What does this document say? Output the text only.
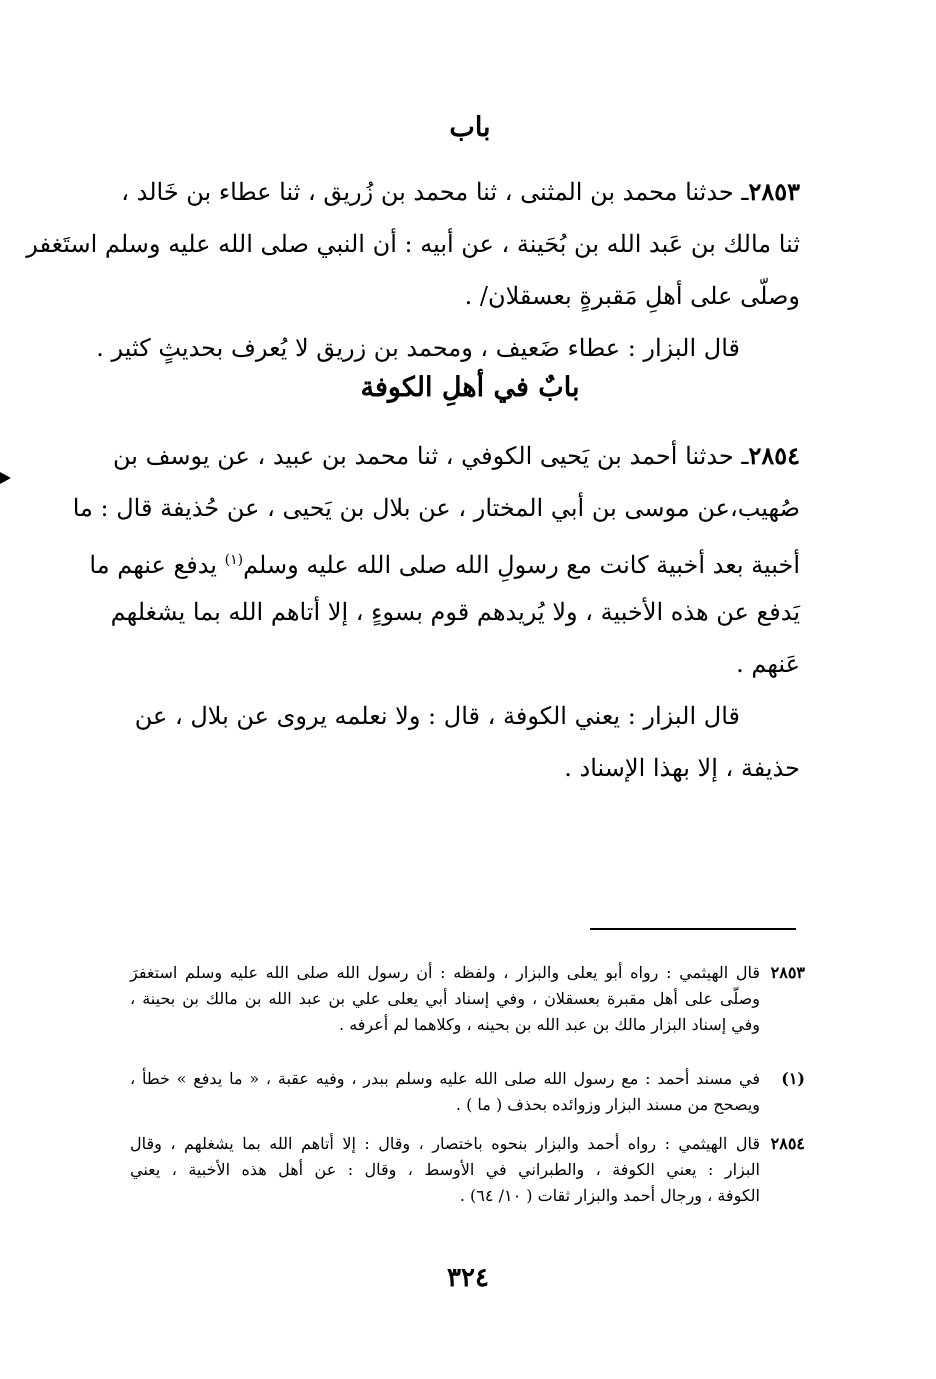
باب
٢٨٥٣ـ حدثنا محمد بن المثنى ، ثنا محمد بن زُريق ، ثنا عطاء بن خَالد ،
ثنا مالك بن عَبد الله بن بُحَينة ، عن أبيه : أن النبي صلى الله عليه وسلم استَغفر
وصلّى على أهلِ مَقبرةٍ بعسقلان/ .
قال البزار : عطاء ضَعيف ، ومحمد بن زريق لا يُعرف بحديثٍ كثير .
بابٌ في أهلِ الكوفة
٢٨٥٤ـ حدثنا أحمد بن يَحيى الكوفي ، ثنا محمد بن عبيد ، عن يوسف بن
صُهيب،عن موسى بن أبي المختار ، عن بلال بن يَحيى ، عن حُذيفة قال : ما
أخبية بعد أخبية كانت مع رسولِ الله صلى الله عليه وسلم$^{(١)}$ يدفع عنهم ما
يَدفع عن هذه الأخبية ، ولا يُريدهم قوم بسوءٍ ، إلا أتاهم الله بما يشغلهم
عَنهم .
قال البزار : يعني الكوفة ، قال : ولا نعلمه يروى عن بلال ، عن
حذيفة ، إلا بهذا الإسناد .
٢٨٥٣
قال الهيثمي : رواه أبو يعلى والبزار ، ولفظه : أن رسول الله صلى الله عليه وسلم استغفرَ
وصلّى على أهل مقبرة بعسقلان ، وفي إسناد أبي يعلى علي بن عبد الله بن مالك بن بحينة ،
وفي إسناد البزار مالك بن عبد الله بن بحينه ، وكلاهما لم أعرفه .
(١)
في مسند أحمد : مع رسول الله صلى الله عليه وسلم ببدر ، وفيه عقبة ، « ما يدفع » خطأ ،
ويصحح من مسند البزار وزوائده بحذف ( ما ) .
٢٨٥٤
قال الهيثمي : رواه أحمد والبزار بنحوه باختصار ، وقال : إلا أتاهم الله بما يشغلهم ، وقال
البزار : يعني الكوفة ، والطبراني في الأوسط ، وقال : عن أهل هذه الأخبية ، يعني
الكوفة ، ورجال أحمد والبزار ثقات ( ١٠/ ٦٤) .
٣٢٤
